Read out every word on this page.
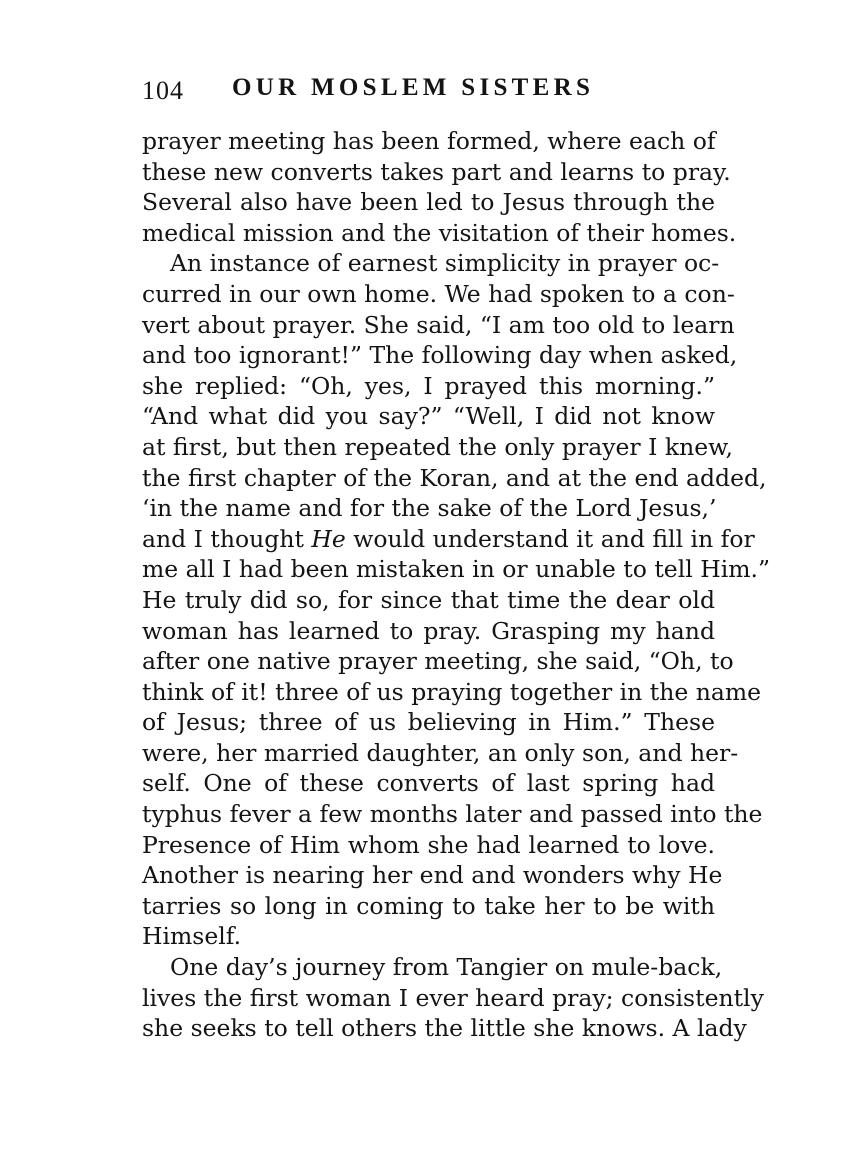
104 OUR MOSLEM SISTERS
prayer meeting has been formed, where each of
these new converts takes part and learns to pray.
Several also have been led to Jesus through the
medical mission and the visitation of their homes.
An instance of earnest simplicity in prayer oc-
curred in our own home. We had spoken to a con-
vert about prayer. She said, “I am too old to learn
and too ignorant!” The following day when asked,
she replied: “Oh, yes, I prayed this morning.”
“And what did you say?” “Well, I did not know
at first, but then repeated the only prayer I knew,
the first chapter of the Koran, and at the end added,
‘in the name and for the sake of the Lord Jesus,’
and I thought He would understand it and fill in for
me all I had been mistaken in or unable to tell Him.”
He truly did so, for since that time the dear old
woman has learned to pray. Grasping my hand
after one native prayer meeting, she said, “Oh, to
think of it! three of us praying together in the name
of Jesus; three of us believing in Him.” These
were, her married daughter, an only son, and her-
self. One of these converts of last spring had
typhus fever a few months later and passed into the
Presence of Him whom she had learned to love.
Another is nearing her end and wonders why He
tarries so long in coming to take her to be with
Himself.
One day’s journey from Tangier on mule-back,
lives the first woman I ever heard pray; consistently
she seeks to tell others the little she knows. A lady
